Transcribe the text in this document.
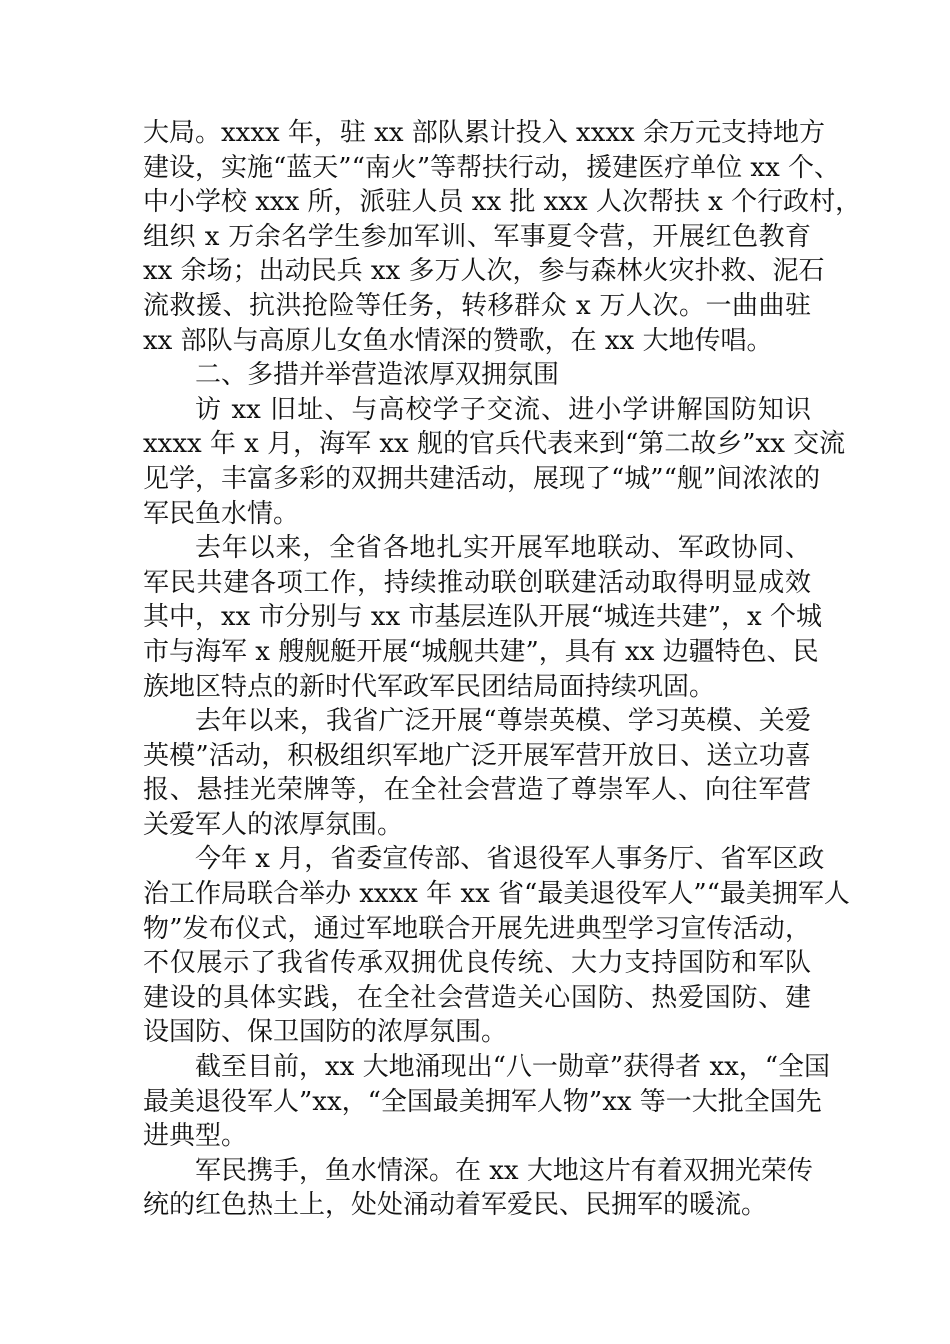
大局。xxxx 年，驻 xx 部队累计投入 xxxx 余万元支持地方
建设，实施“蓝天”“南火”等帮扶行动，援建医疗单位 xx 个、
中小学校 xxx 所，派驻人员 xx 批 xxx 人次帮扶 x 个行政村，
组织 x 万余名学生参加军训、军事夏令营，开展红色教育
xx 余场；出动民兵 xx 多万人次，参与森林火灾扑救、泥石
流救援、抗洪抢险等任务，转移群众 x 万人次。一曲曲驻
xx 部队与高原儿女鱼水情深的赞歌，在 xx 大地传唱。
二、多措并举营造浓厚双拥氛围
访 xx 旧址、与高校学子交流、进小学讲解国防知识
xxxx 年 x 月，海军 xx 舰的官兵代表来到“第二故乡”xx 交流
见学，丰富多彩的双拥共建活动，展现了“城”“舰”间浓浓的
军民鱼水情。
去年以来，全省各地扎实开展军地联动、军政协同、
军民共建各项工作，持续推动联创联建活动取得明显成效
其中，xx 市分别与 xx 市基层连队开展“城连共建”，x 个城
市与海军 x 艘舰艇开展“城舰共建”，具有 xx 边疆特色、民
族地区特点的新时代军政军民团结局面持续巩固。
去年以来，我省广泛开展“尊崇英模、学习英模、关爱
英模”活动，积极组织军地广泛开展军营开放日、送立功喜
报、悬挂光荣牌等，在全社会营造了尊崇军人、向往军营
关爱军人的浓厚氛围。
今年 x 月，省委宣传部、省退役军人事务厅、省军区政
治工作局联合举办 xxxx 年 xx 省“最美退役军人”“最美拥军人
物”发布仪式，通过军地联合开展先进典型学习宣传活动，
不仅展示了我省传承双拥优良传统、大力支持国防和军队
建设的具体实践，在全社会营造关心国防、热爱国防、建
设国防、保卫国防的浓厚氛围。
截至目前，xx 大地涌现出“八一勋章”获得者 xx，“全国
最美退役军人”xx，“全国最美拥军人物”xx 等一大批全国先
进典型。
军民携手，鱼水情深。在 xx 大地这片有着双拥光荣传
统的红色热土上，处处涌动着军爱民、民拥军的暖流。
